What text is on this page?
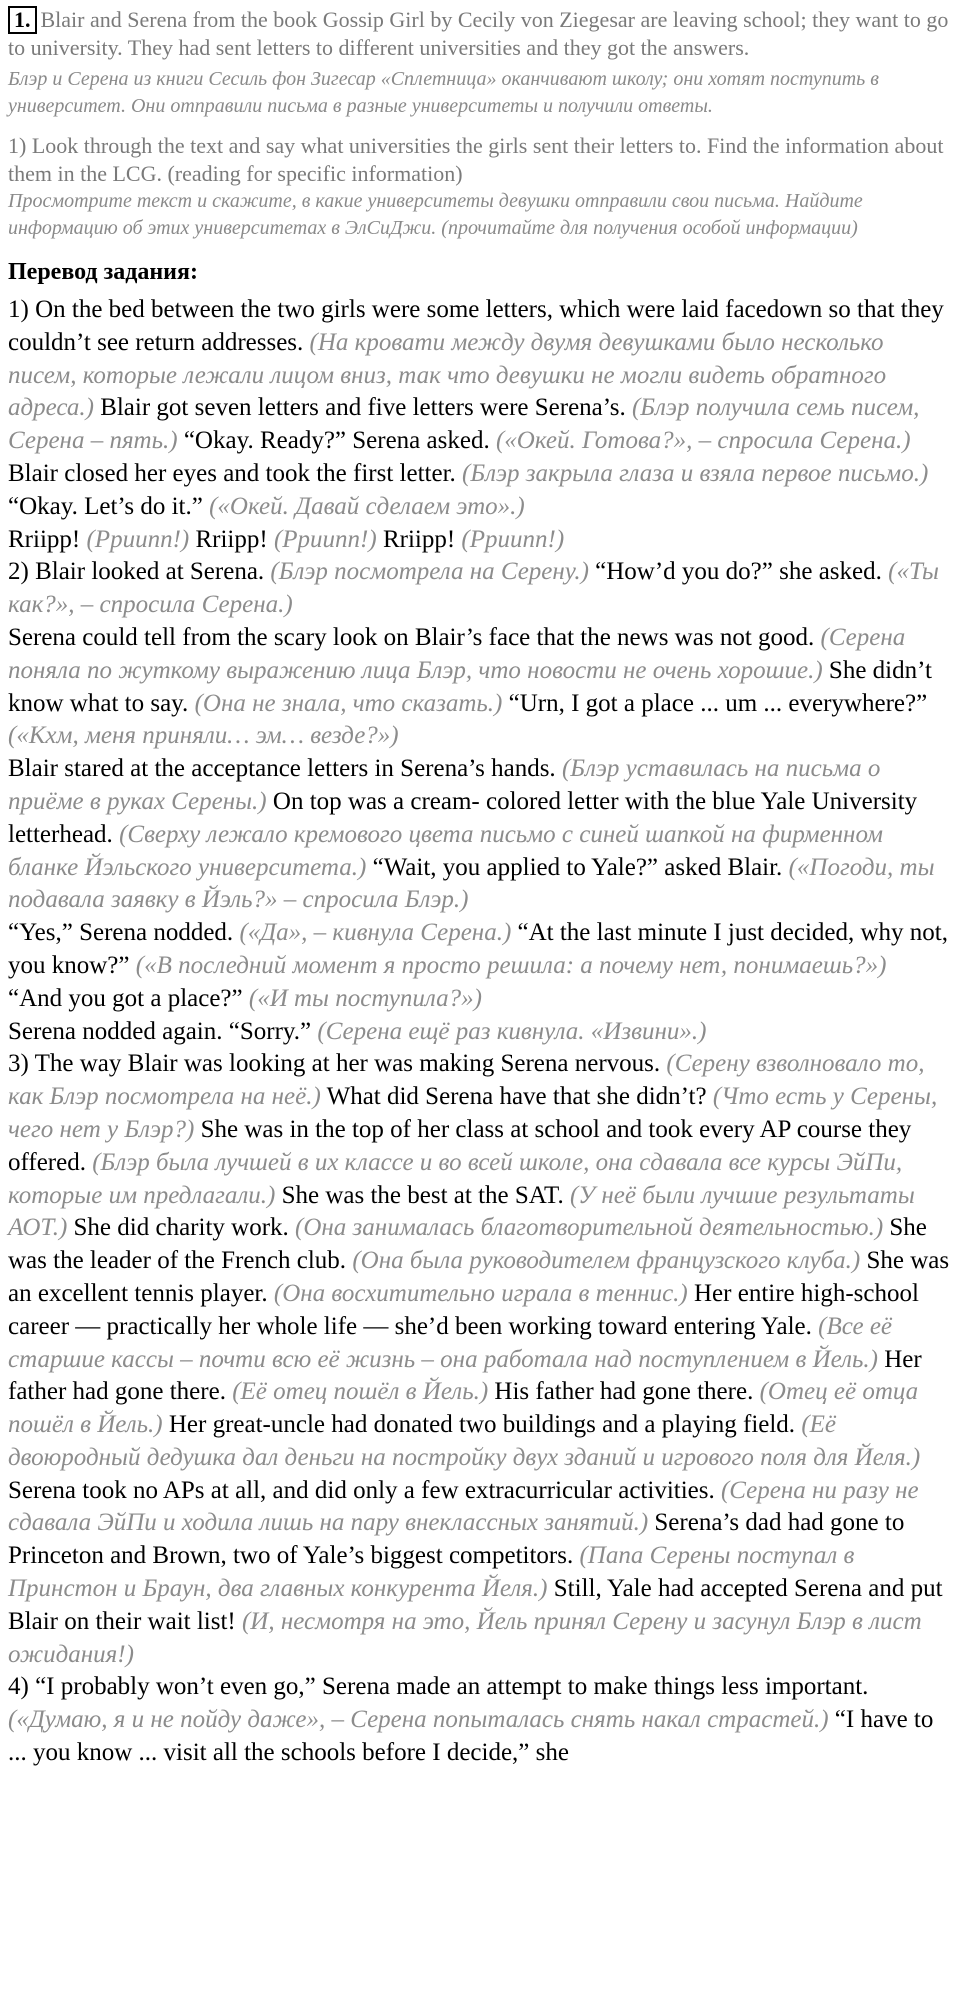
1. Blair and Serena from the book Gossip Girl by Cecily von Ziegesar are leaving school; they want to go to university. They had sent letters to different universities and they got the answers.

Блэр и Серена из книги Сесиль фон Зигесар «Сплетница» оканчивают школу; они хотят поступить в университет. Они отправили письма в разные университеты и получили ответы.

1) Look through the text and say what universities the girls sent their letters to. Find the information about them in the LCG. (reading for specific information)

Просмотрите текст и скажите, в какие университеты девушки отправили свои письма. Найдите информацию об этих университетах в ЭлСиДжи. (прочитайте для получения особой информации)

Перевод задания:
1) On the bed between the two girls were some letters, which were laid facedown so that they couldn’t see return addresses. (На кровати между двумя девушками было несколько писем, которые лежали лицом вниз, так что девушки не могли видеть обратного адреса.) Blair got seven letters and five letters were Serena’s. (Блэр получила семь писем, Серена – пять.) “Okay. Ready?” Serena asked. («Окей. Готова?», – спросила Серена.)
Blair closed her eyes and took the first letter. (Блэр закрыла глаза и взяла первое письмо.) “Okay. Let’s do it.” («Окей. Давай сделаем это».)
Rriipp! (Рриипп!) Rriipp! (Рриипп!) Rriipp! (Рриипп!)
2) Blair looked at Serena. (Блэр посмотрела на Серену.) “How’d you do?” she asked. («Ты как?», – спросила Серена.)
Serena could tell from the scary look on Blair’s face that the news was not good. (Серена поняла по жуткому выражению лица Блэр, что новости не очень хорошие.) She didn’t know what to say. (Она не знала, что сказать.) “Urn, I got a place ... um ... everywhere?” («Кхм, меня приняли… эм… везде?»)
Blair stared at the acceptance letters in Serena’s hands. (Блэр уставилась на письма о приёме в руках Серены.) On top was a cream- colored letter with the blue Yale University letterhead. (Сверху лежало кремового цвета письмо с синей шапкой на фирменном бланке Йэльского университета.) “Wait, you applied to Yale?” asked Blair. («Погоди, ты подавала заявку в Йэль?» – спросила Блэр.)
“Yes,” Serena nodded. («Да», – кивнула Серена.) “At the last minute I just decided, why not, you know?” («В последний момент я просто решила: а почему нет, понимаешь?»)
“And you got a place?” («И ты поступила?»)
Serena nodded again. “Sorry.” (Серена ещё раз кивнула. «Извини».)
3) The way Blair was looking at her was making Serena nervous. (Серену взволновало то, как Блэр посмотрела на неё.) What did Serena have that she didn’t? (Что есть у Серены, чего нет у Блэр?) She was in the top of her class at school and took every AP course they offered. (Блэр была лучшей в их классе и во всей школе, она сдавала все курсы ЭйПи, которые им предлагали.) She was the best at the SAT. (У неё были лучшие результаты АОТ.) She did charity work. (Она занималась благотворительной деятельностью.) She was the leader of the French club. (Она была руководителем французского клуба.) She was an excellent tennis player. (Она восхитительно играла в теннис.) Her entire high-school career — practically her whole life — she’d been working toward entering Yale. (Все её старшие кассы – почти всю её жизнь – она работала над поступлением в Йель.) Her father had gone there. (Её отец пошёл в Йель.) His father had gone there. (Отец её отца пошёл в Йель.) Her great-uncle had donated two buildings and a playing field. (Её двоюродный дедушка дал деньги на постройку двух зданий и игрового поля для Йеля.) Serena took no APs at all, and did only a few extracurricular activities. (Серена ни разу не сдавала ЭйПи и ходила лишь на пару внеклассных занятий.) Serena’s dad had gone to Princeton and Brown, two of Yale’s biggest competitors. (Папа Серены поступал в Принстон и Браун, два главных конкурента Йеля.) Still, Yale had accepted Serena and put Blair on their wait list! (И, несмотря на это, Йель принял Серену и засунул Блэр в лист ожидания!)
4) “I probably won’t even go,” Serena made an attempt to make things less important. («Думаю, я и не пойду даже», – Серена попыталась снять накал страстей.) “I have to ... you know ... visit all the schools before I decide,” she
